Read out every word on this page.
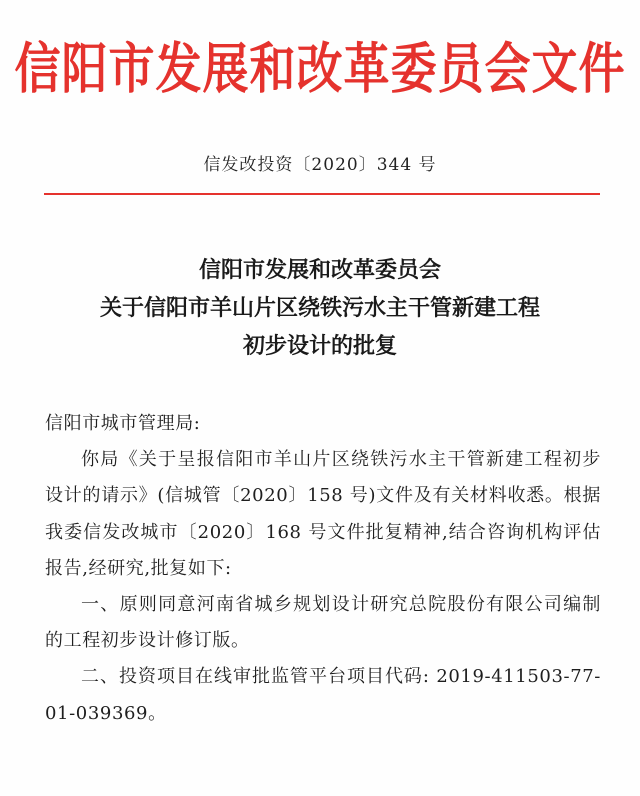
信阳市发展和改革委员会文件
信发改投资〔2020〕344 号
信阳市发展和改革委员会
关于信阳市羊山片区绕铁污水主干管新建工程
初步设计的批复

信阳市城市管理局:

你局《关于呈报信阳市羊山片区绕铁污水主干管新建工程初步设计的请示》(信城管〔2020〕158 号)文件及有关材料收悉。根据我委信发改城市〔2020〕168 号文件批复精神,结合咨询机构评估报告,经研究,批复如下:

一、原则同意河南省城乡规划设计研究总院股份有限公司编制的工程初步设计修订版。

二、投资项目在线审批监管平台项目代码: 2019-411503-77-01-039369。
